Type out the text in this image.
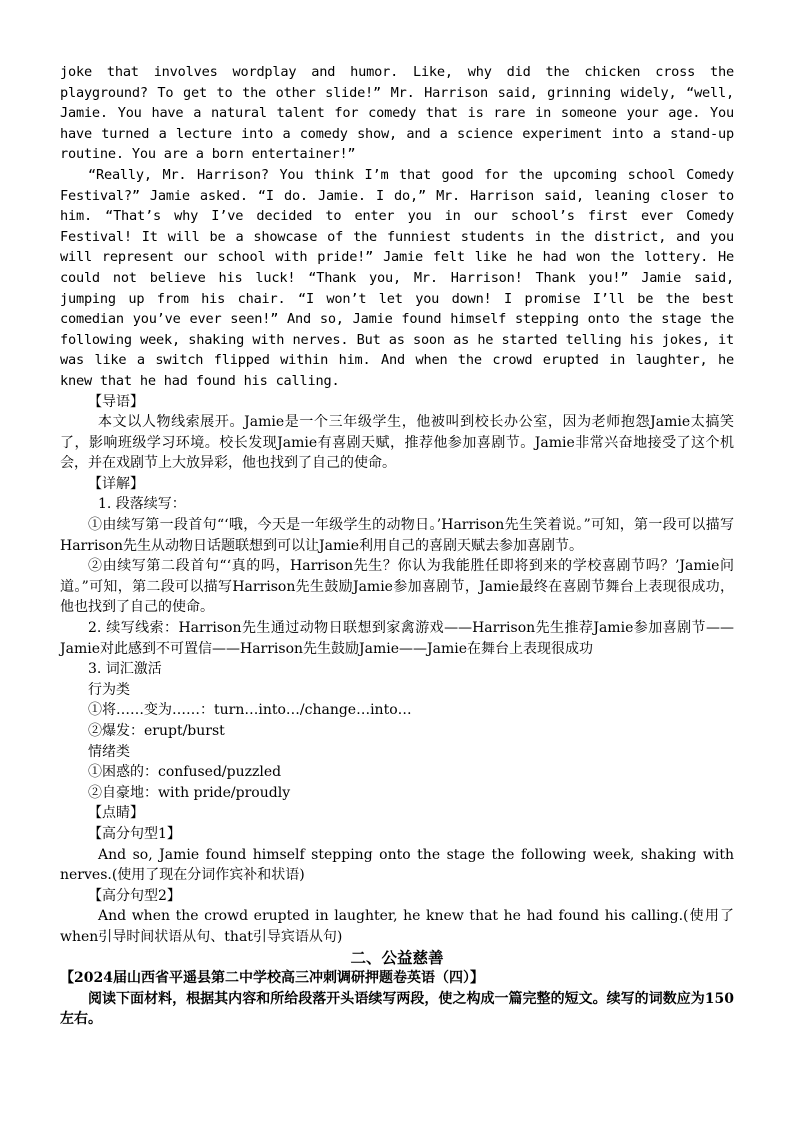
joke that involves wordplay and humor. Like, why did the chicken cross the playground? To get to the other slide!” Mr. Harrison said, grinning widely, “well, Jamie. You have a natural talent for comedy that is rare in someone your age. You have turned a lecture into a comedy show, and a science experiment into a stand-up routine. You are a born entertainer!”

“Really, Mr. Harrison? You think I’m that good for the upcoming school Comedy Festival?” Jamie asked. “I do. Jamie. I do,” Mr. Harrison said, leaning closer to him. “That’s why I’ve decided to enter you in our school’s first ever Comedy Festival! It will be a showcase of the funniest students in the district, and you will represent our school with pride!” Jamie felt like he had won the lottery. He could not believe his luck! “Thank you, Mr. Harrison! Thank you!” Jamie said, jumping up from his chair. “I won’t let you down! I promise I’ll be the best comedian you’ve ever seen!” And so, Jamie found himself stepping onto the stage the following week, shaking with nerves. But as soon as he started telling his jokes, it was like a switch flipped within him. And when the crowd erupted in laughter, he knew that he had found his calling.

【导语】

本文以人物线索展开。Jamie是一个三年级学生，他被叫到校长办公室，因为老师抱怨Jamie太搞笑了，影响班级学习环境。校长发现Jamie有喜剧天赋，推荐他参加喜剧节。Jamie非常兴奋地接受了这个机会，并在戏剧节上大放异彩，他也找到了自己的使命。

【详解】

1. 段落续写：

①由续写第一段首句“‘哦，今天是一年级学生的动物日。’Harrison先生笑着说。”可知，第一段可以描写Harrison先生从动物日话题联想到可以让Jamie利用自己的喜剧天赋去参加喜剧节。

②由续写第二段首句“‘真的吗，Harrison先生？你认为我能胜任即将到来的学校喜剧节吗？’Jamie问道。”可知，第二段可以描写Harrison先生鼓励Jamie参加喜剧节，Jamie最终在喜剧节舞台上表现很成功，他也找到了自己的使命。

2. 续写线索：Harrison先生通过动物日联想到家禽游戏——Harrison先生推荐Jamie参加喜剧节——Jamie对此感到不可置信——Harrison先生鼓励Jamie——Jamie在舞台上表现很成功

3. 词汇激活

行为类

①将……变为……：turn…into…/change…into…

②爆发：erupt/burst

情绪类

①困惑的：confused/puzzled

②自豪地：with pride/proudly

【点睛】

【高分句型1】

And so, Jamie found himself stepping onto the stage the following week, shaking with nerves.(使用了现在分词作宾补和状语)

【高分句型2】

And when the crowd erupted in laughter, he knew that he had found his calling.(使用了when引导时间状语从句、that引导宾语从句)

二、公益慈善

【2024届山西省平遥县第二中学校高三冲刺调研押题卷英语（四）】

阅读下面材料，根据其内容和所给段落开头语续写两段，使之构成一篇完整的短文。续写的词数应为150左右。
